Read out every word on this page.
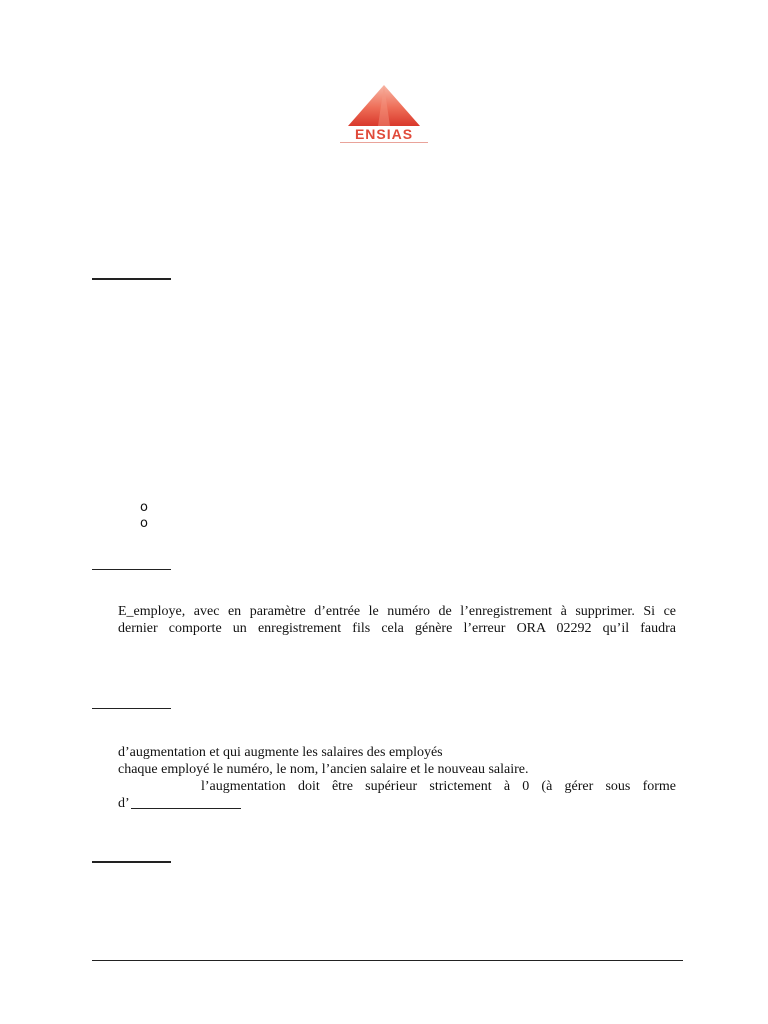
ENSIAS
o
o

E_employe, avec en paramètre d’entrée le numéro de l’enregistrement à supprimer. Si ce

dernier comporte un enregistrement fils cela génère l’erreur ORA 02292 qu’il faudra

d’augmentation et qui augmente les salaires des employés

chaque employé le numéro, le nom, l’ancien salaire et le nouveau salaire.

l’augmentation doit être supérieur strictement à 0 (à gérer sous forme

d’
